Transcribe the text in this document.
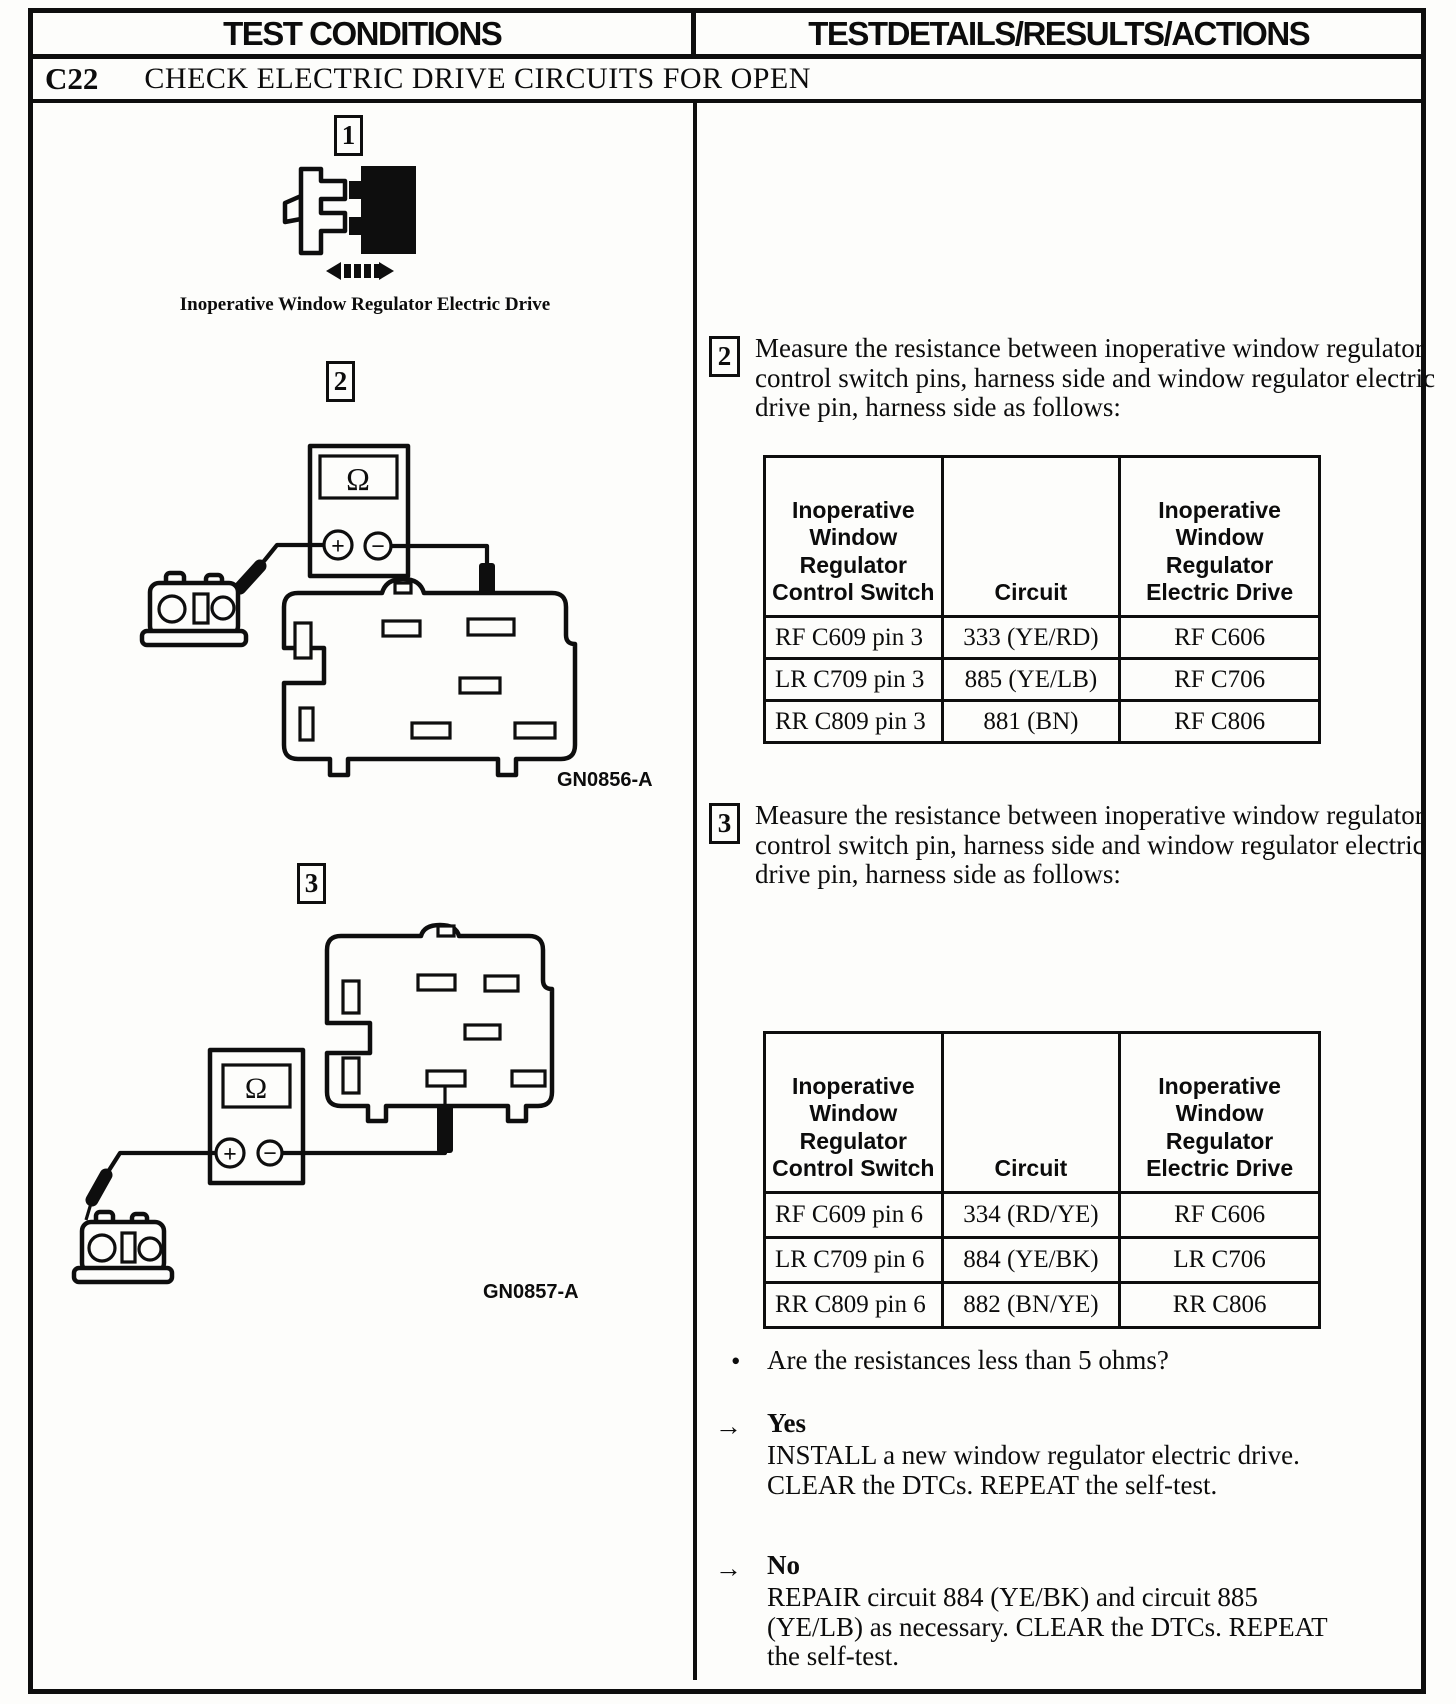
TEST CONDITIONS	TESTDETAILS/RESULTS/ACTIONS
C22 CHECK ELECTRIC DRIVE CIRCUITS FOR OPEN
1
Inoperative Window Regulator Electric Drive
2
Ω
+ −
GN0856-A
3
Ω
+ −
GN0857-A
2 Measure the resistance between inoperative window regulator control switch pins, harness side and window regulator electric drive pin, harness side as follows:
Inoperative Window Regulator Control Switch	Circuit	Inoperative Window Regulator Electric Drive
RF C609 pin 3	333 (YE/RD)	RF C606
LR C709 pin 3	885 (YE/LB)	RF C706
RR C809 pin 3	881 (BN)	RF C806
3 Measure the resistance between inoperative window regulator control switch pin, harness side and window regulator electric drive pin, harness side as follows:
Inoperative Window Regulator Control Switch	Circuit	Inoperative Window Regulator Electric Drive
RF C609 pin 6	334 (RD/YE)	RF C606
LR C709 pin 6	884 (YE/BK)	LR C706
RR C809 pin 6	882 (BN/YE)	RR C806
• Are the resistances less than 5 ohms?
→ Yes
INSTALL a new window regulator electric drive. CLEAR the DTCs. REPEAT the self-test.
→ No
REPAIR circuit 884 (YE/BK) and circuit 885 (YE/LB) as necessary. CLEAR the DTCs. REPEAT the self-test.
